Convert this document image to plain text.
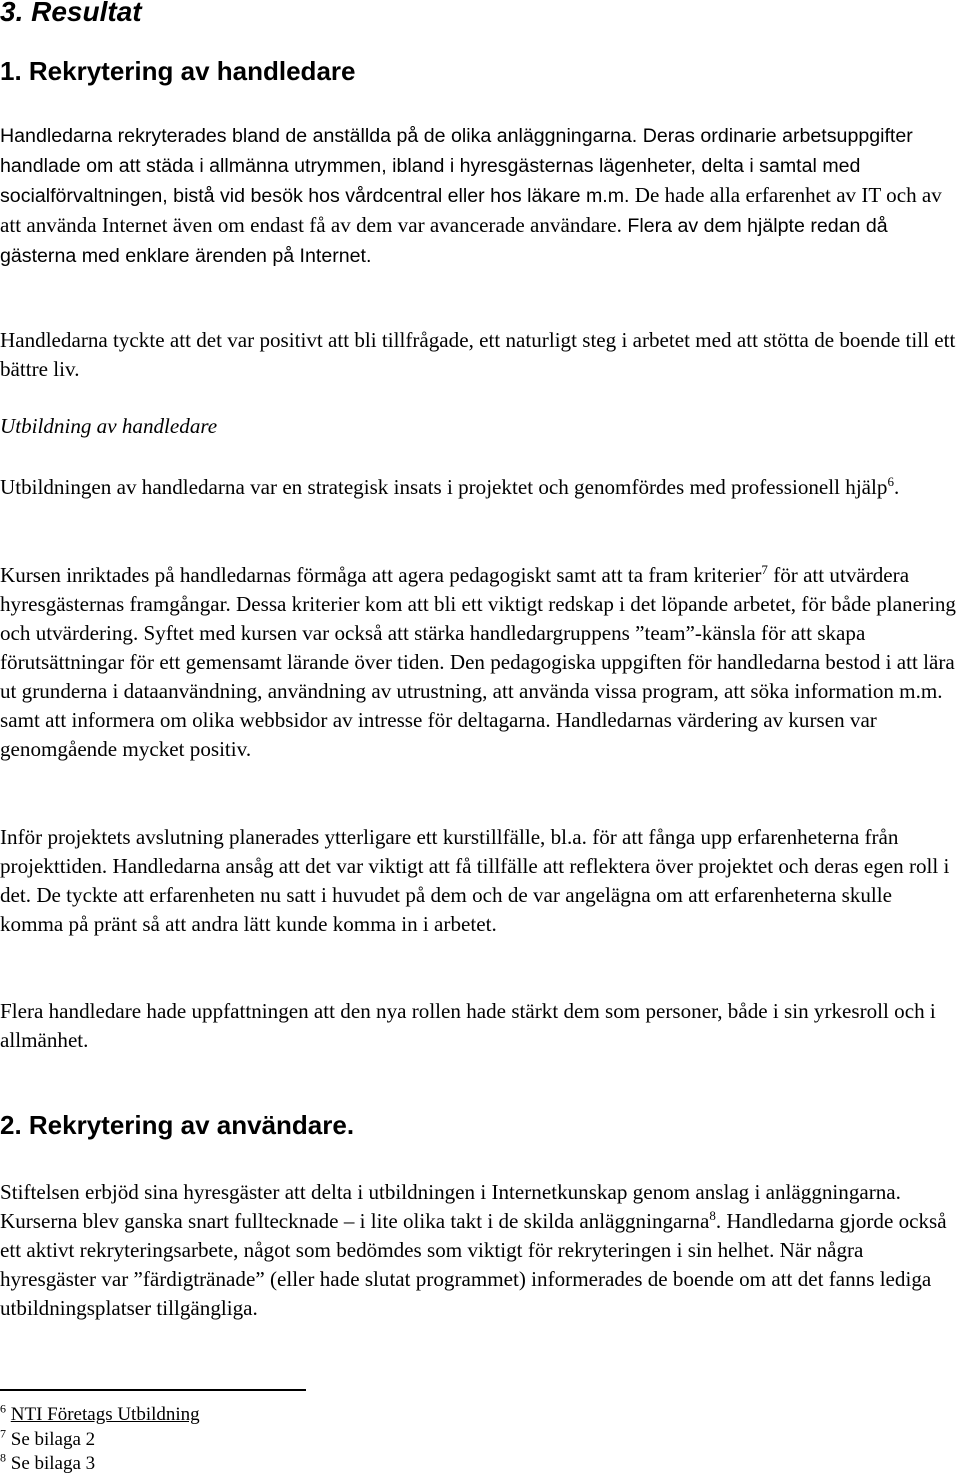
3. Resultat
1. Rekrytering av handledare

Handledarna rekryterades bland de anställda på de olika anläggningarna. Deras ordinarie arbetsuppgifter handlade om att städa i allmänna utrymmen, ibland i hyresgästernas lägenheter, delta i samtal med socialförvaltningen, bistå vid besök hos vårdcentral eller hos läkare m.m. De hade alla erfarenhet av IT och av att använda Internet även om endast få av dem var avancerade användare. Flera av dem hjälpte redan då gästerna med enklare ärenden på Internet.

Handledarna tyckte att det var positivt att bli tillfrågade, ett naturligt steg i arbetet med att stötta de boende till ett bättre liv.

Utbildning av handledare

Utbildningen av handledarna var en strategisk insats i projektet och genomfördes med professionell hjälp$^6$.

Kursen inriktades på handledarnas förmåga att agera pedagogiskt samt att ta fram kriterier$^7$ för att utvärdera hyresgästernas framgångar. Dessa kriterier kom att bli ett viktigt redskap i det löpande arbetet, för både planering och utvärdering. Syftet med kursen var också att stärka handledargruppens ”team”-känsla för att skapa förutsättningar för ett gemensamt lärande över tiden. Den pedagogiska uppgiften för handledarna bestod i att lära ut grunderna i dataanvändning, användning av utrustning, att använda vissa program, att söka information m.m. samt att informera om olika webbsidor av intresse för deltagarna. Handledarnas värdering av kursen var genomgående mycket positiv.

Inför projektets avslutning planerades ytterligare ett kurstillfälle, bl.a. för att fånga upp erfarenheterna från projekttiden. Handledarna ansåg att det var viktigt att få tillfälle att reflektera över projektet och deras egen roll i det. De tyckte att erfarenheten nu satt i huvudet på dem och de var angelägna om att erfarenheterna skulle komma på pränt så att andra lätt kunde komma in i arbetet.

Flera handledare hade uppfattningen att den nya rollen hade stärkt dem som personer, både i sin yrkesroll och i allmänhet.

2. Rekrytering av användare.

Stiftelsen erbjöd sina hyresgäster att delta i utbildningen i Internetkunskap genom anslag i anläggningarna. Kurserna blev ganska snart fulltecknade – i lite olika takt i de skilda anläggningarna$^8$. Handledarna gjorde också ett aktivt rekryteringsarbete, något som bedömdes som viktigt för rekryteringen i sin helhet. När några hyresgäster var ”färdigtränade” (eller hade slutat programmet) informerades de boende om att det fanns lediga utbildningsplatser tillgängliga.

$^6$ NTI Företags Utbildning
$^7$ Se bilaga 2
$^8$ Se bilaga 3
